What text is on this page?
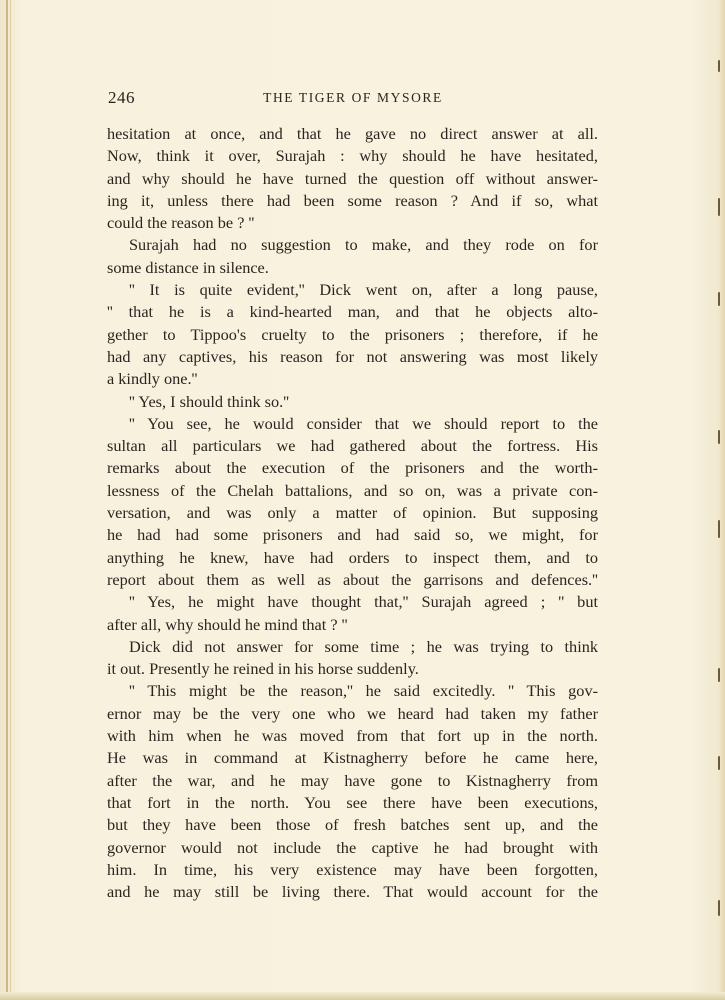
246	THE TIGER OF MYSORE
hesitation at once, and that he gave no direct answer at all.
Now, think it over, Surajah : why should he have hesitated,
and why should he have turned the question off without answer-
ing it, unless there had been some reason ? And if so, what
could the reason be ? ''
Surajah had no suggestion to make, and they rode on for
some distance in silence.
'' It is quite evident,'' Dick went on, after a long pause,
'' that he is a kind-hearted man, and that he objects alto-
gether to Tippoo's cruelty to the prisoners ; therefore, if he
had any captives, his reason for not answering was most likely
a kindly one.''
'' Yes, I should think so.''
'' You see, he would consider that we should report to the
sultan all particulars we had gathered about the fortress. His
remarks about the execution of the prisoners and the worth-
lessness of the Chelah battalions, and so on, was a private con-
versation, and was only a matter of opinion. But supposing
he had had some prisoners and had said so, we might, for
anything he knew, have had orders to inspect them, and to
report about them as well as about the garrisons and defences.''
'' Yes, he might have thought that,'' Surajah agreed ; '' but
after all, why should he mind that ? ''
Dick did not answer for some time ; he was trying to think
it out. Presently he reined in his horse suddenly.
'' This might be the reason,'' he said excitedly. '' This gov-
ernor may be the very one who we heard had taken my father
with him when he was moved from that fort up in the north.
He was in command at Kistnagherry before he came here,
after the war, and he may have gone to Kistnagherry from
that fort in the north. You see there have been executions,
but they have been those of fresh batches sent up, and the
governor would not include the captive he had brought with
him. In time, his very existence may have been forgotten,
and he may still be living there. That would account for the
